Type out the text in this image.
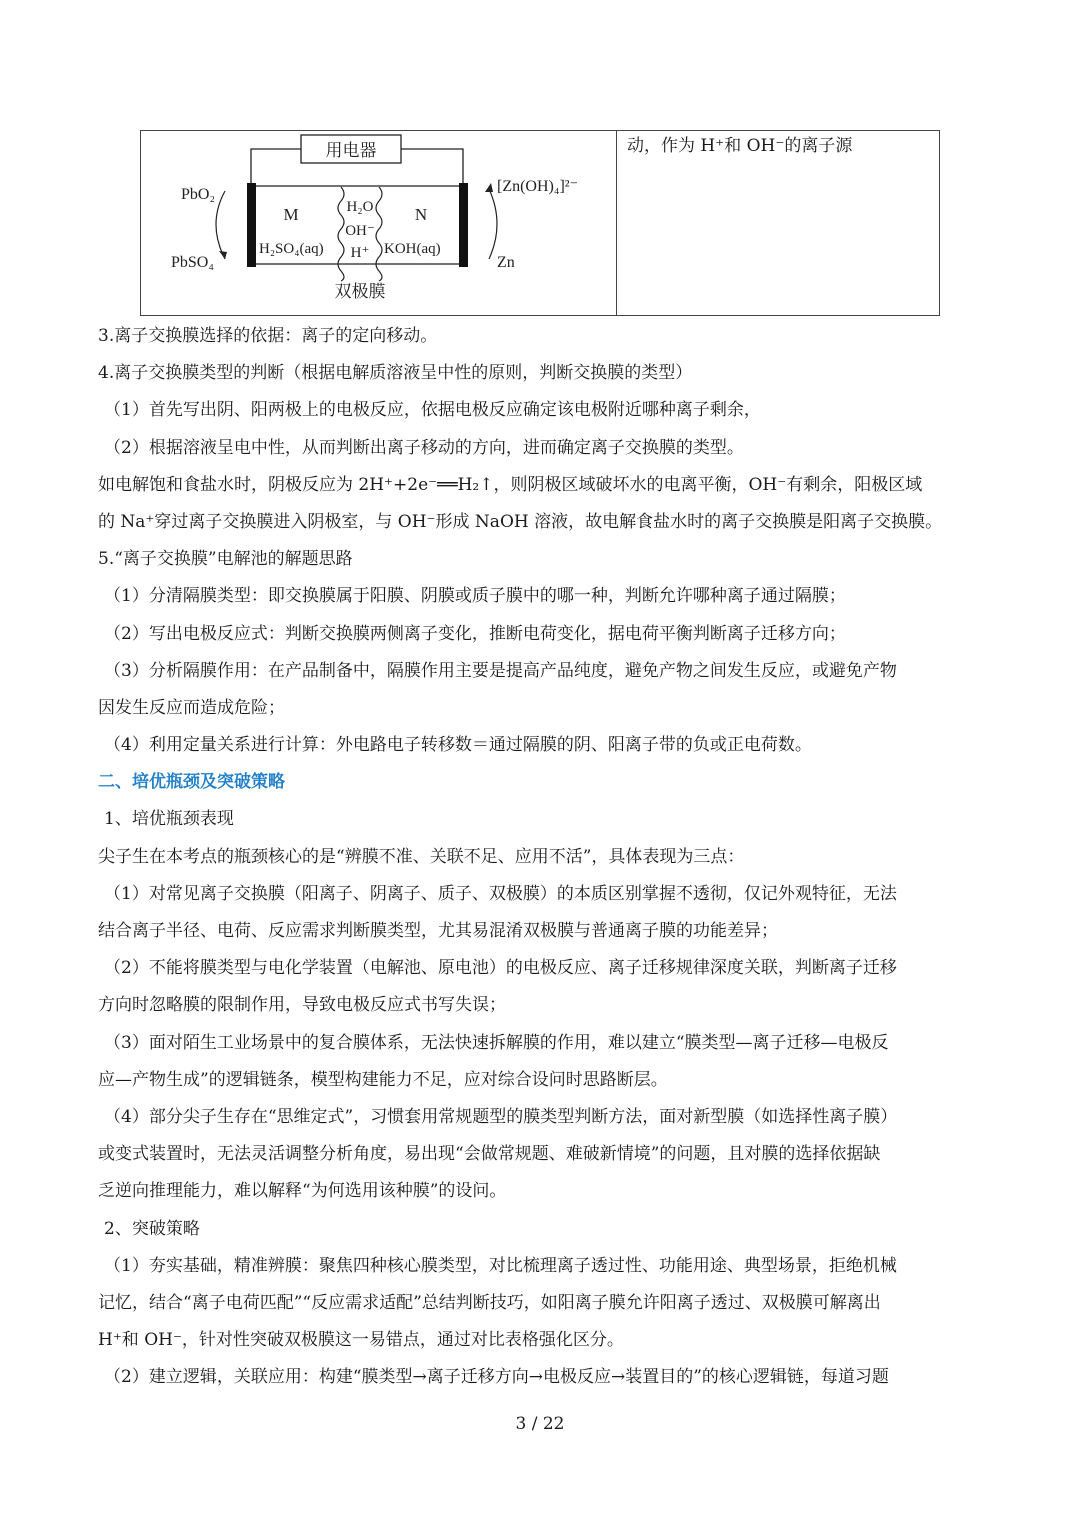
用电器
PbO₂
PbSO₄
[Zn(OH)₄]²⁻
Zn
M	N
H₂SO₄(aq)	KOH(aq)
H₂O
OH⁻
H⁺
双极膜
动，作为 H⁺和 OH⁻的离子源
3.离子交换膜选择的依据：离子的定向移动。
4.离子交换膜类型的判断（根据电解质溶液呈中性的原则，判断交换膜的类型）
（1）首先写出阴、阳两极上的电极反应，依据电极反应确定该电极附近哪种离子剩余，
（2）根据溶液呈电中性，从而判断出离子移动的方向，进而确定离子交换膜的类型。
如电解饱和食盐水时，阴极反应为 2H⁺+2e⁻══H₂↑，则阴极区域破坏水的电离平衡，OH⁻有剩余，阳极区域
的 Na⁺穿过离子交换膜进入阴极室，与 OH⁻形成 NaOH 溶液，故电解食盐水时的离子交换膜是阳离子交换膜。
5.“离子交换膜”电解池的解题思路
（1）分清隔膜类型：即交换膜属于阳膜、阴膜或质子膜中的哪一种，判断允许哪种离子通过隔膜；
（2）写出电极反应式：判断交换膜两侧离子变化，推断电荷变化，据电荷平衡判断离子迁移方向；
（3）分析隔膜作用：在产品制备中，隔膜作用主要是提高产品纯度，避免产物之间发生反应，或避免产物
因发生反应而造成危险；
（4）利用定量关系进行计算：外电路电子转移数＝通过隔膜的阴、阳离子带的负或正电荷数。
二、培优瓶颈及突破策略
1、培优瓶颈表现
尖子生在本考点的瓶颈核心的是“辨膜不准、关联不足、应用不活”，具体表现为三点：
（1）对常见离子交换膜（阳离子、阴离子、质子、双极膜）的本质区别掌握不透彻，仅记外观特征，无法
结合离子半径、电荷、反应需求判断膜类型，尤其易混淆双极膜与普通离子膜的功能差异；
（2）不能将膜类型与电化学装置（电解池、原电池）的电极反应、离子迁移规律深度关联，判断离子迁移
方向时忽略膜的限制作用，导致电极反应式书写失误；
（3）面对陌生工业场景中的复合膜体系，无法快速拆解膜的作用，难以建立“膜类型—离子迁移—电极反
应—产物生成”的逻辑链条，模型构建能力不足，应对综合设问时思路断层。
（4）部分尖子生存在“思维定式”，习惯套用常规题型的膜类型判断方法，面对新型膜（如选择性离子膜）
或变式装置时，无法灵活调整分析角度，易出现“会做常规题、难破新情境”的问题，且对膜的选择依据缺
乏逆向推理能力，难以解释“为何选用该种膜”的设问。
2、突破策略
（1）夯实基础，精准辨膜：聚焦四种核心膜类型，对比梳理离子透过性、功能用途、典型场景，拒绝机械
记忆，结合“离子电荷匹配”“反应需求适配”总结判断技巧，如阳离子膜允许阳离子透过、双极膜可解离出
H⁺和 OH⁻，针对性突破双极膜这一易错点，通过对比表格强化区分。
（2）建立逻辑，关联应用：构建“膜类型→离子迁移方向→电极反应→装置目的”的核心逻辑链，每道习题
3 / 22
